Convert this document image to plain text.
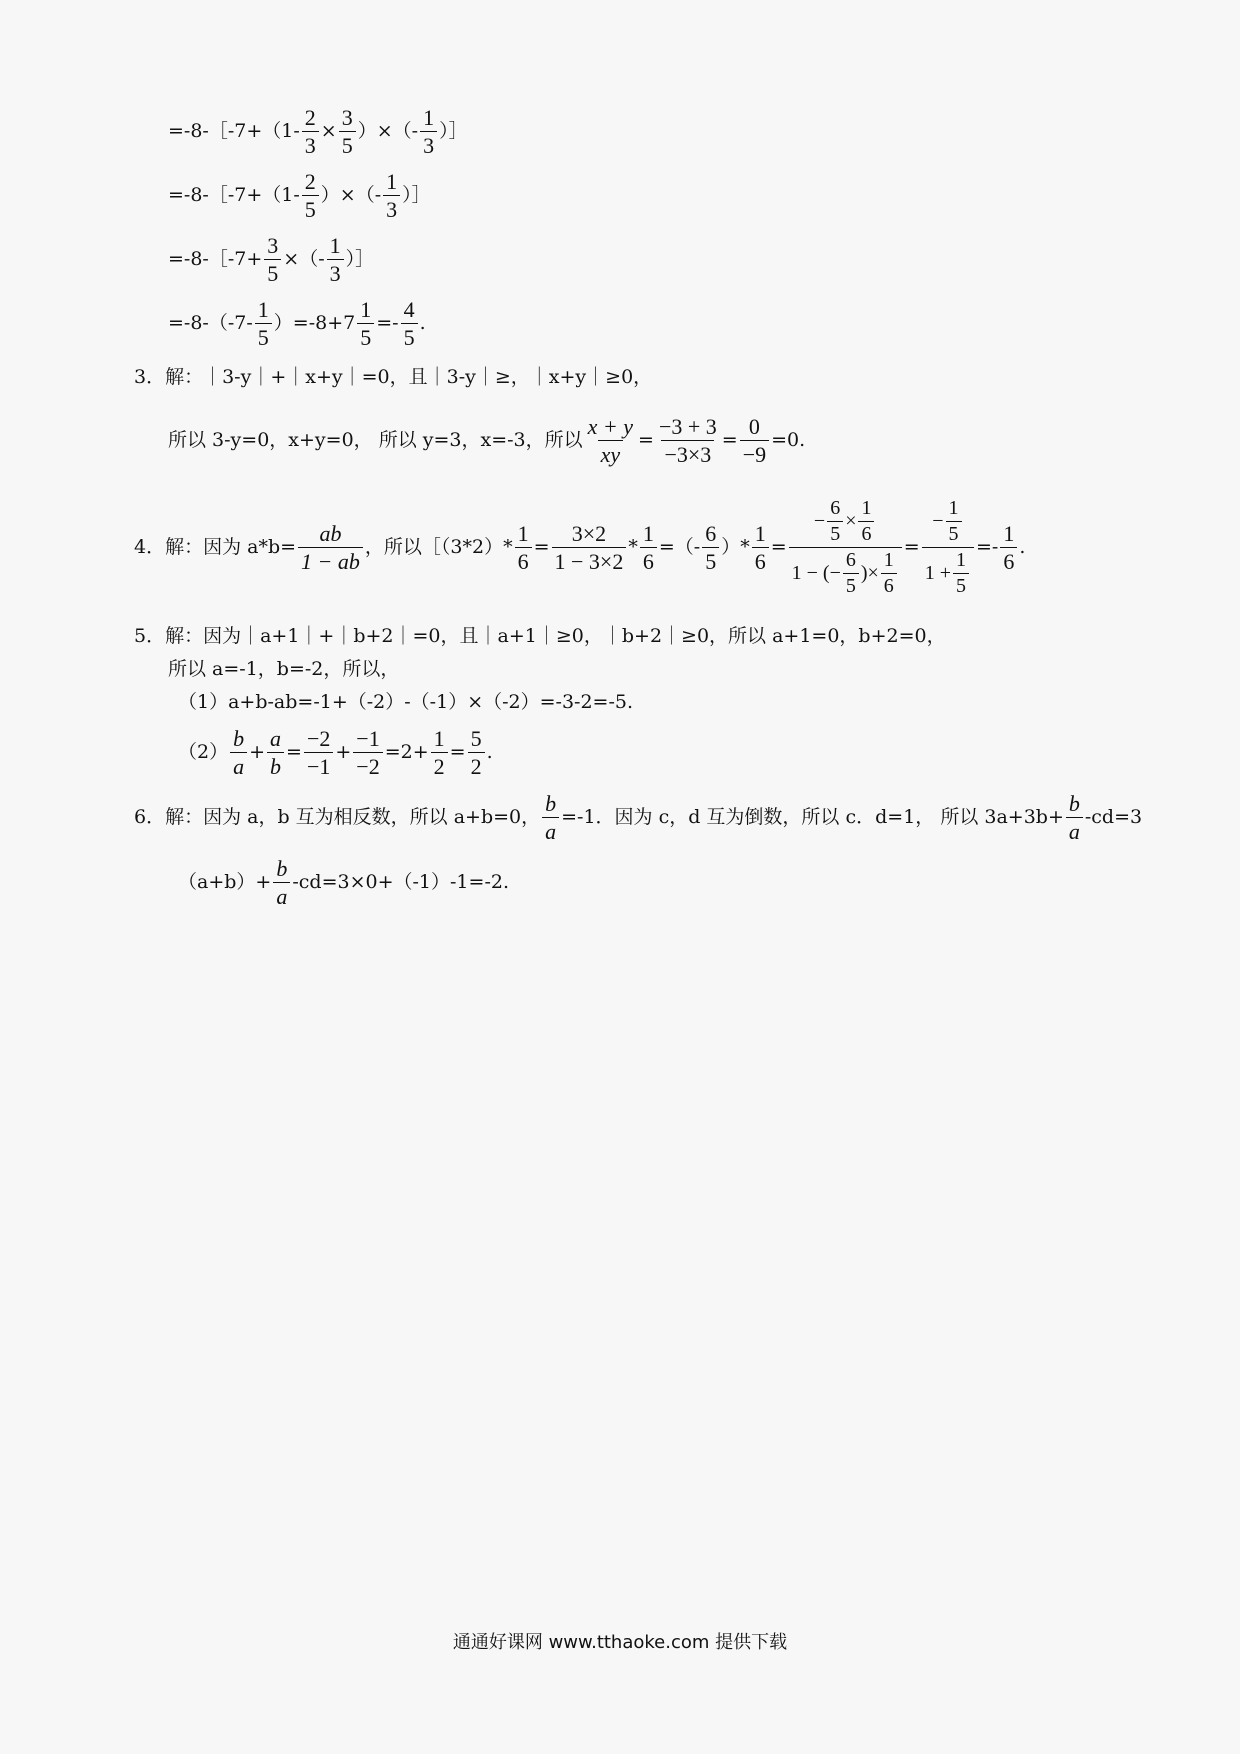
=-8-［-7+（1- $\frac{2}{3} \times \frac{3}{5}$ ）×（- $\frac{1}{3}$ ）］
=-8-［-7+（1- $\frac{2}{5}$ ）×（- $\frac{1}{3}$ ）］
=-8-［-7+ $\frac{3}{5}$ ×（- $\frac{1}{3}$ ）］
$=-8-(-7- \frac{1}{5} )=-8+7 \frac{1}{5} =- \frac{4}{5}$ .
3．解：｜3-y｜+｜x+y｜=0，且｜3-y｜≥，｜x+y｜≥0，
所以 3-y=0，x+y=0， 所以 y=3，x=-3，所以 $\frac{x + y}{xy} = \frac{-3 + 3}{-3\times 3} = \frac{0}{-9} =0$.
4．解：因为 $a*b= \frac{ab}{1 - ab}$ ，所以［（3*2）* $\frac{1}{6} = \frac{3\times 2}{1 - 3\times 2} * \frac{1}{6}$ =（- $\frac{6}{5}$ ）* $\frac{1}{6} = \frac{- \frac{6}{5} \times \frac{1}{6}}{1 - (- \frac{6}{5} )\times \frac{1}{6}} = \frac{- \frac{1}{5}}{1 + \frac{1}{5}} =- \frac{1}{6}$ .
5．解：因为｜a+1｜+｜b+2｜=0，且｜a+1｜≥0，｜b+2｜≥0，所以 a+1=0，b+2=0，
所以 a=-1，b=-2，所以，
（1）a+b-ab=-1+（-2）-（-1）×（-2）=-3-2=-5.
$(2) \frac{b}{a} + \frac{a}{b} = \frac{-2}{-1} + \frac{-1}{-2} =2+ \frac{1}{2} = \frac{5}{2}$ .
6．解：因为 a，b 互为相反数，所以 a+b=0， $\frac{b}{a} =-1$．因为 c，d 互为倒数，所以 c．d=1， 所以 $3a+3b+ \frac{b}{a} -cd=3$
$(a+b)+ \frac{b}{a} -cd=3\times 0+(-1)-1=-2$.
通通好课网 www.tthaoke.com 提供下载
